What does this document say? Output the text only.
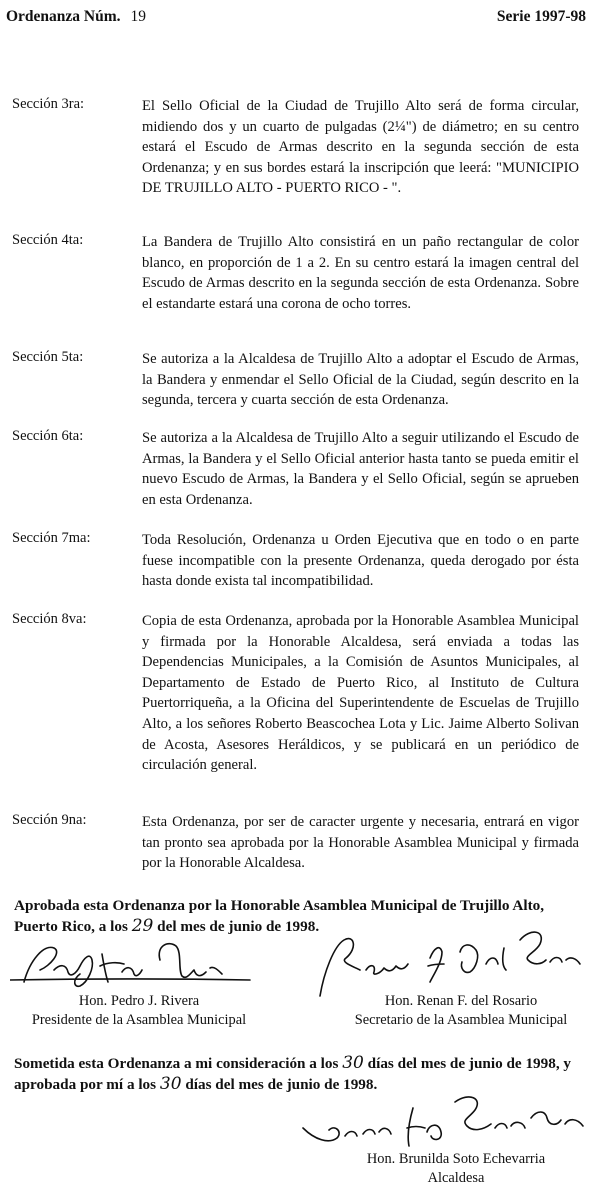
Ordenanza Núm. 19	Serie 1997-98
Sección 3ra:	El Sello Oficial de la Ciudad de Trujillo Alto será de forma circular, midiendo dos y un cuarto de pulgadas (2¼") de diámetro; en su centro estará el Escudo de Armas descrito en la segunda sección de esta Ordenanza; y en sus bordes estará la inscripción que leerá: "MUNICIPIO DE TRUJILLO ALTO - PUERTO RICO - ".
Sección 4ta:	La Bandera de Trujillo Alto consistirá en un paño rectangular de color blanco, en proporción de 1 a 2. En su centro estará la imagen central del Escudo de Armas descrito en la segunda sección de esta Ordenanza. Sobre el estandarte estará una corona de ocho torres.
Sección 5ta:	Se autoriza a la Alcaldesa de Trujillo Alto a adoptar el Escudo de Armas, la Bandera y enmendar el Sello Oficial de la Ciudad, según descrito en la segunda, tercera y cuarta sección de esta Ordenanza.
Sección 6ta:	Se autoriza a la Alcaldesa de Trujillo Alto a seguir utilizando el Escudo de Armas, la Bandera y el Sello Oficial anterior hasta tanto se pueda emitir el nuevo Escudo de Armas, la Bandera y el Sello Oficial, según se aprueben en esta Ordenanza.
Sección 7ma:	Toda Resolución, Ordenanza u Orden Ejecutiva que en todo o en parte fuese incompatible con la presente Ordenanza, queda derogado por ésta hasta donde exista tal incompatibilidad.
Sección 8va:	Copia de esta Ordenanza, aprobada por la Honorable Asamblea Municipal y firmada por la Honorable Alcaldesa, será enviada a todas las Dependencias Municipales, a la Comisión de Asuntos Municipales, al Departamento de Estado de Puerto Rico, al Instituto de Cultura Puertorriqueña, a la Oficina del Superintendente de Escuelas de Trujillo Alto, a los señores Roberto Beascochea Lota y Lic. Jaime Alberto Solivan de Acosta, Asesores Heráldicos, y se publicará en un periódico de circulación general.
Sección 9na:	Esta Ordenanza, por ser de caracter urgente y necesaria, entrará en vigor tan pronto sea aprobada por la Honorable Asamblea Municipal y firmada por la Honorable Alcaldesa.
Aprobada esta Ordenanza por la Honorable Asamblea Municipal de Trujillo Alto, Puerto Rico, a los 29 del mes de junio de 1998.
Hon. Pedro J. Rivera
Presidente de la Asamblea Municipal
Hon. Renan F. del Rosario
Secretario de la Asamblea Municipal
Sometida esta Ordenanza a mi consideración a los 30 días del mes de junio de 1998, y aprobada por mí a los 30 días del mes de junio de 1998.
Hon. Brunilda Soto Echevarria
Alcaldesa
